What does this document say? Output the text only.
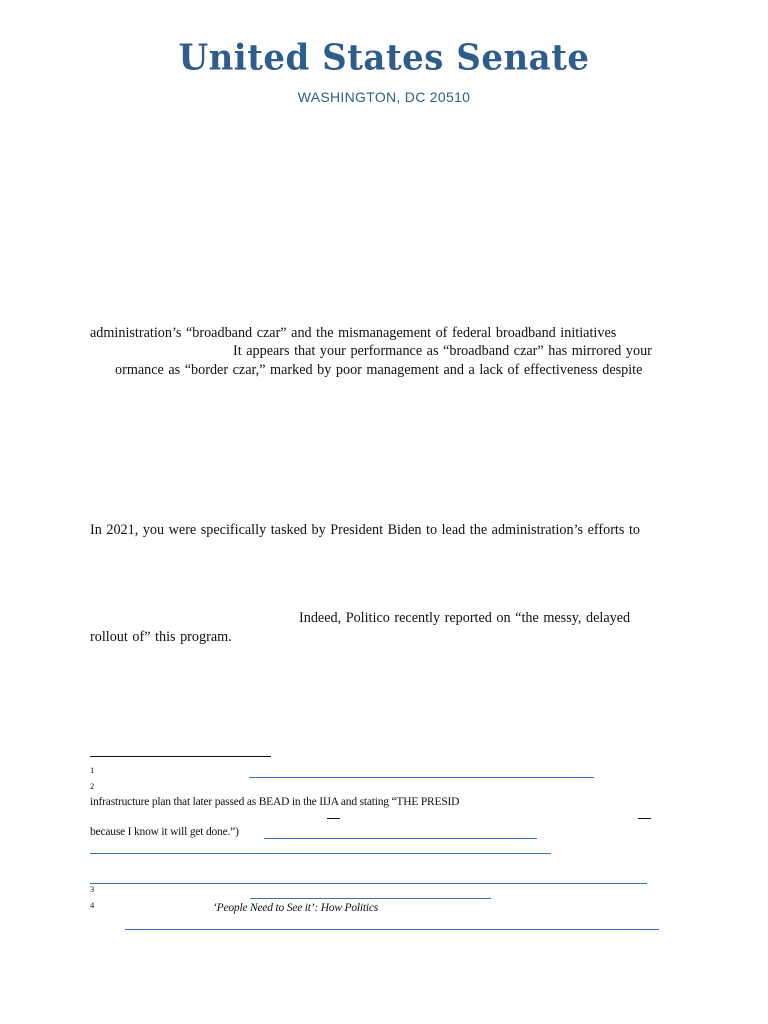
United States Senate
WASHINGTON, DC 20510
administration’s “broadband czar” and the mismanagement of federal broadband initiatives
It appears that your performance as “broadband czar” has mirrored your
ormance as “border czar,” marked by poor management and a lack of effectiveness despite
In 2021, you were specifically tasked by President Biden to lead the administration’s efforts to
Indeed, Politico recently reported on “the messy, delayed
rollout of” this program.
1
2
infrastructure plan that later passed as BEAD in the IIJA and stating “THE PRESID
because I know it will get done.”)
3
4	‘People Need to See it’: How Politics
